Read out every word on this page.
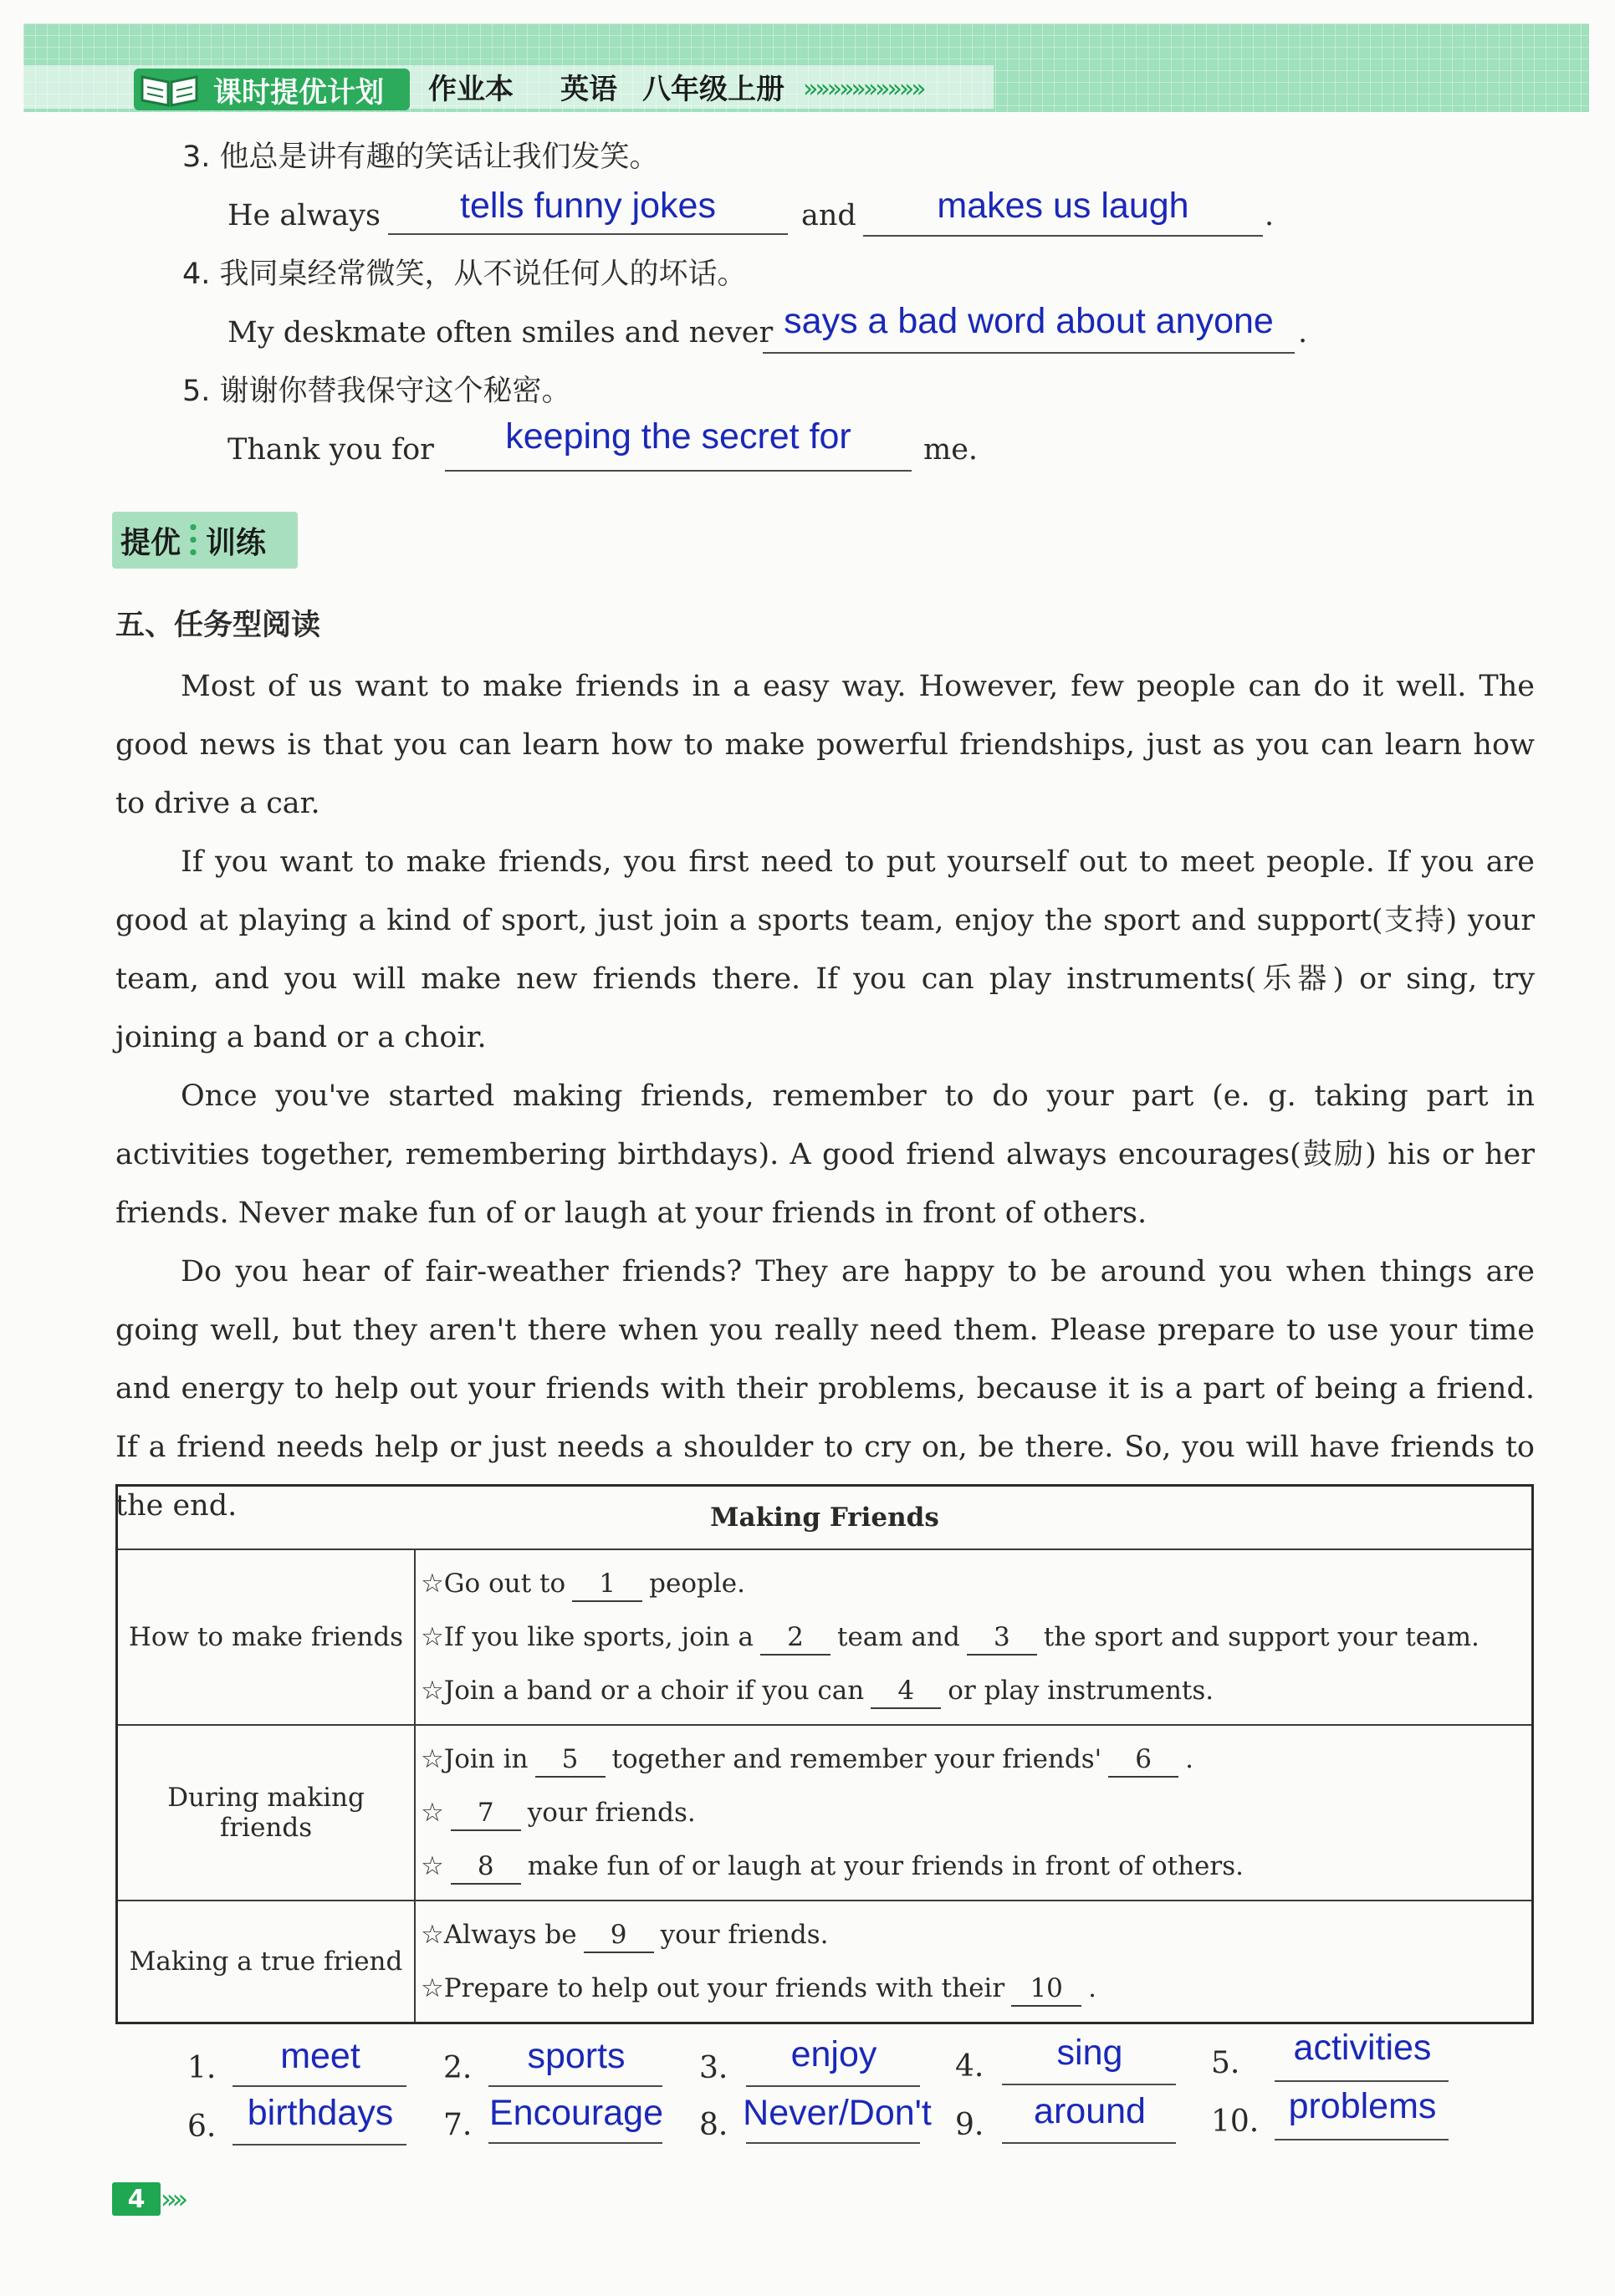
课时提优计划 作业本 英语 八年级上册 »»»»»»»»»»
3. 他总是讲有趣的笑话让我们发笑。
He always	tells funny jokes	and	makes us laugh	.
4. 我同桌经常微笑，从不说任何人的坏话。
My deskmate often smiles and never says a bad word about anyone .
5. 谢谢你替我保守这个秘密。
Thank you for	keeping the secret for	me.
提优 训练
五、任务型阅读
Most of us want to make friends in a easy way. However, few people can do it well. The good news is that you can learn how to make powerful friendships, just as you can learn how to drive a car.
If you want to make friends, you first need to put yourself out to meet people. If you are good at playing a kind of sport, just join a sports team, enjoy the sport and support(支持) your team, and you will make new friends there. If you can play instruments(乐器) or sing, try joining a band or a choir.
Once you've started making friends, remember to do your part (e. g. taking part in activities together, remembering birthdays). A good friend always encourages(鼓励) his or her friends. Never make fun of or laugh at your friends in front of others.
Do you hear of fair-weather friends? They are happy to be around you when things are going well, but they aren't there when you really need them. Please prepare to use your time and energy to help out your friends with their problems, because it is a part of being a friend. If a friend needs help or just needs a shoulder to cry on, be there. So, you will have friends to the end.	Making Friends	
How to make friends	☆Go out to 1 people.
☆If you like sports, join a 2 team and 3 the sport and support your team.
☆Join a band or a choir if you can 4 or play instruments.

During making friends	☆Join in 5 together and remember your friends' 6 .
☆ 7 your friends.
☆ 8 make fun of or laugh at your friends in front of others.

Making a true friend	☆Always be 9 your friends.
☆Prepare to help out your friends with their 10 .
1.	meet	2.	sports	3.	enjoy	4.	sing	5.	activities
6. birthdays	7. Encourage	8. Never/Don't 9.	around	10. problems
4 »»
